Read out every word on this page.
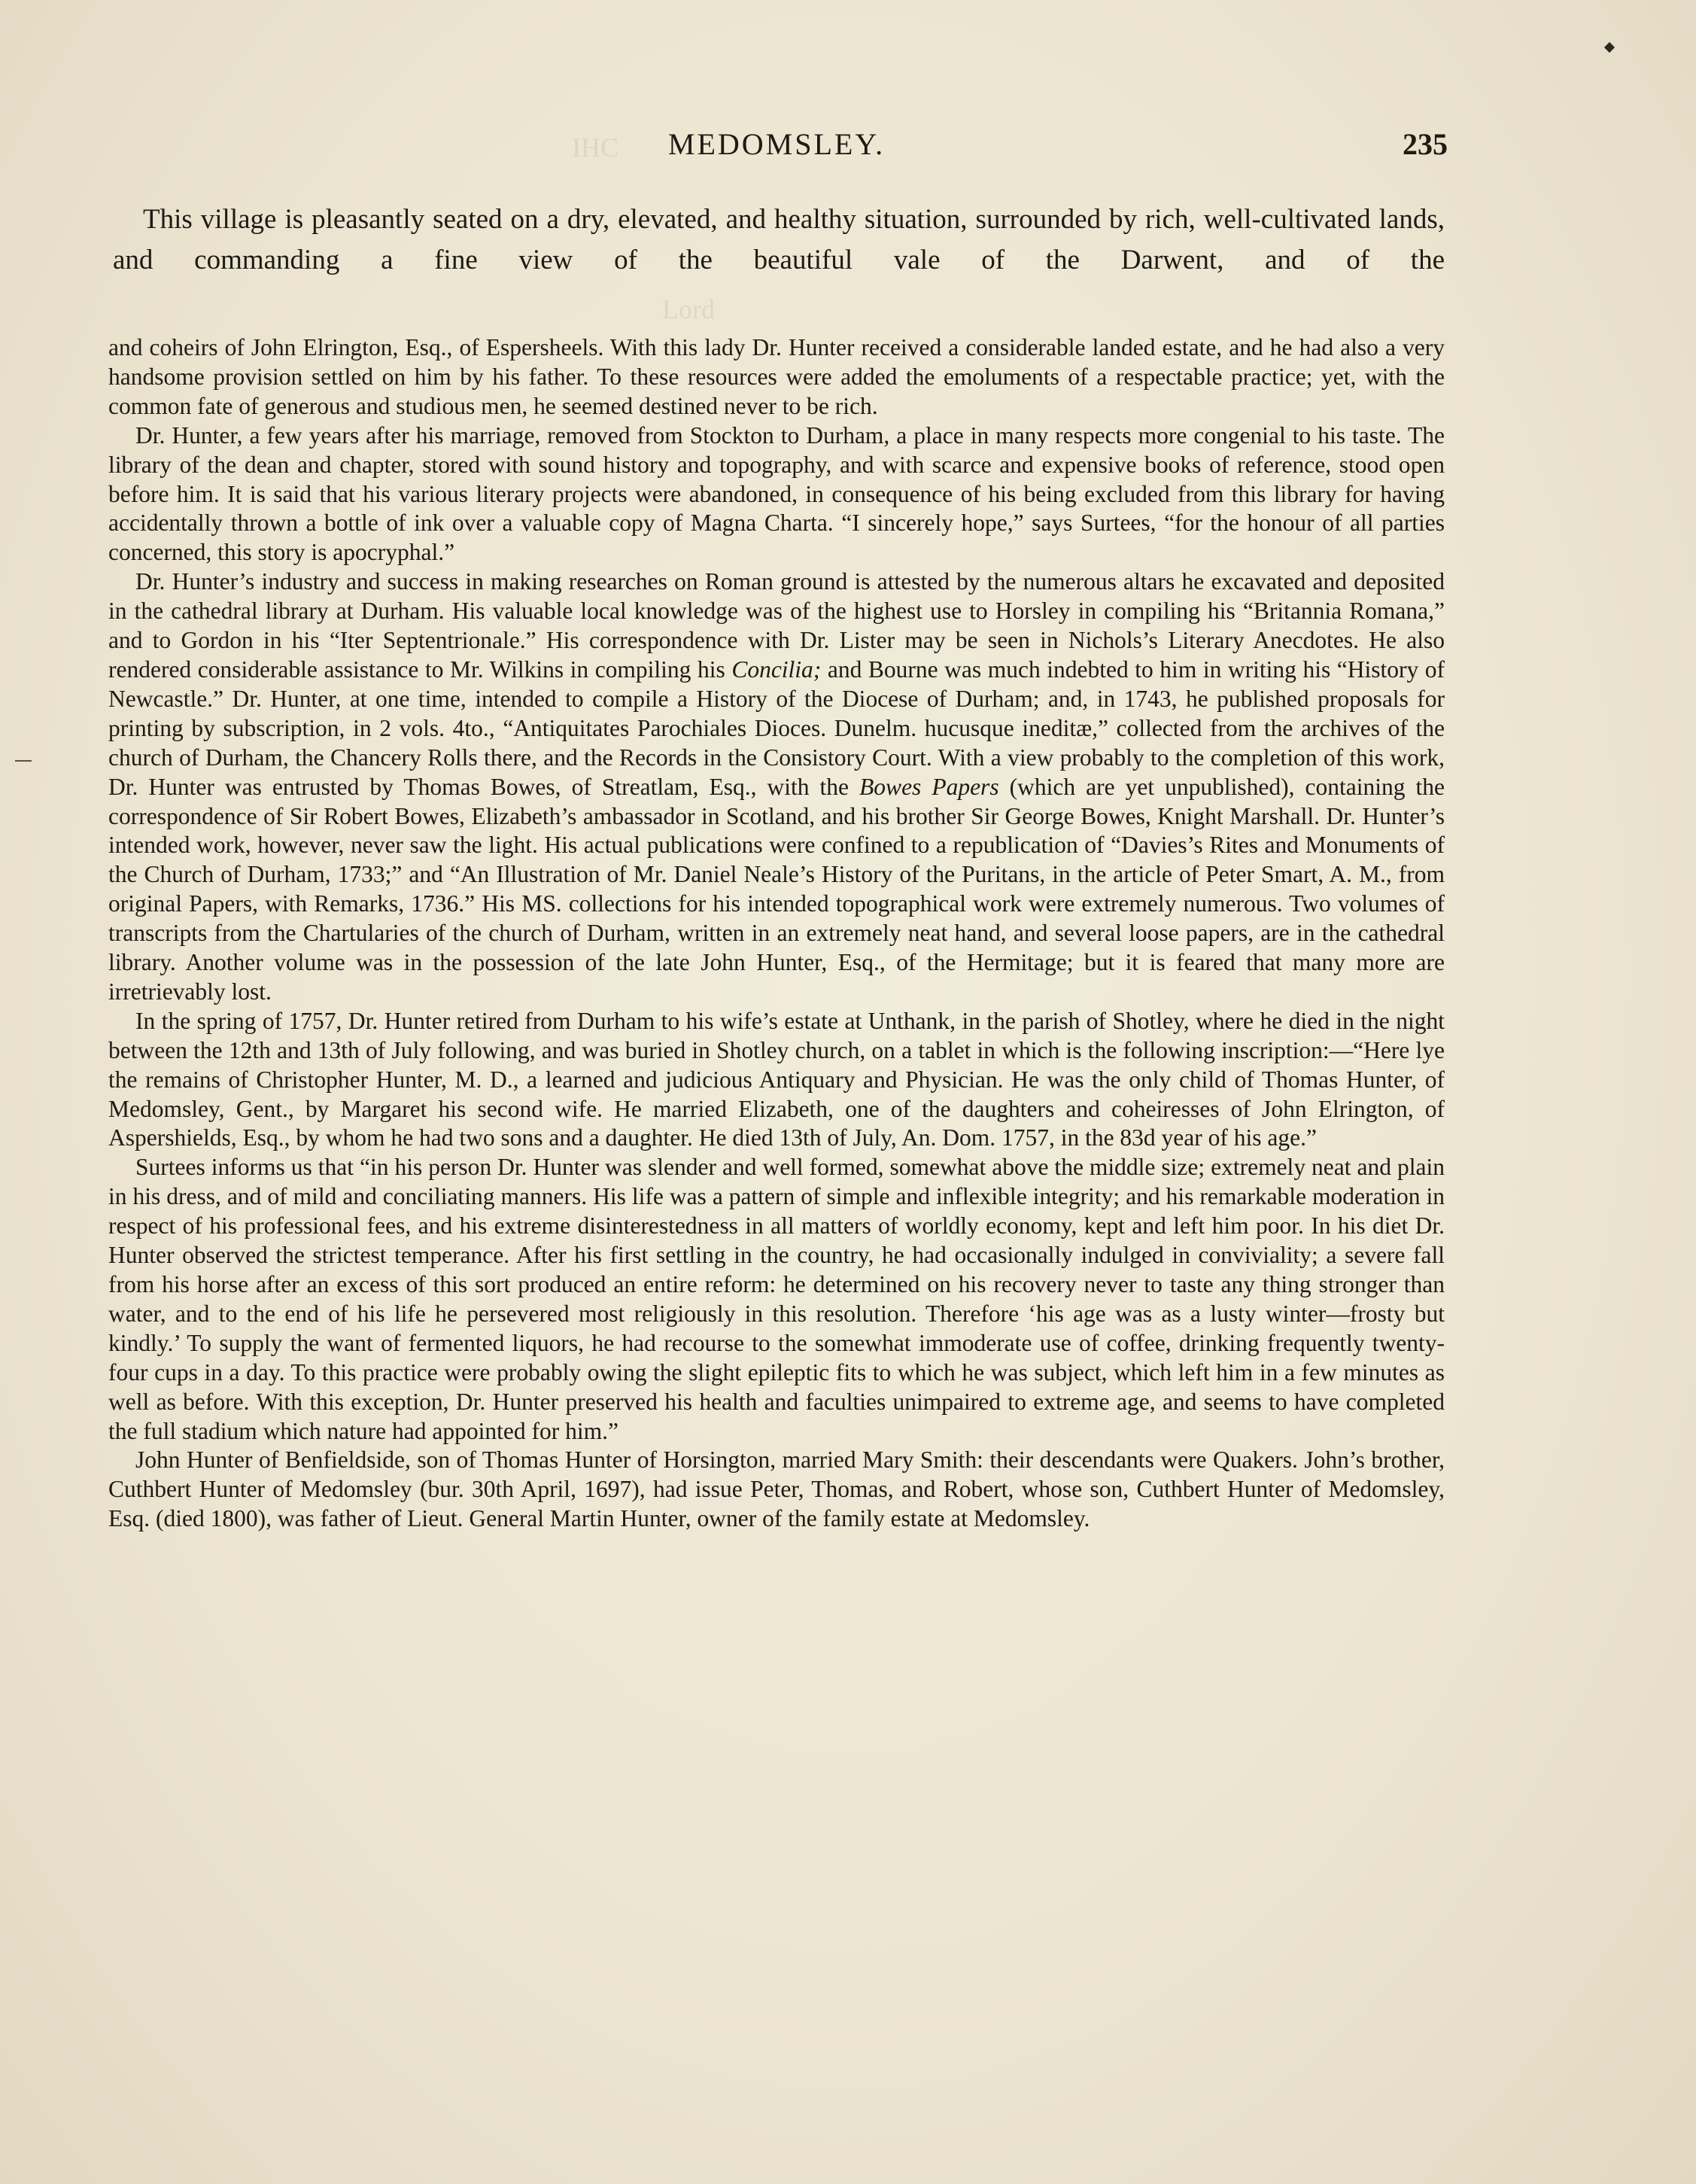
IHC
Lord
MEDOMSLEY.	235

This village is pleasantly seated on a dry, elevated, and healthy situation, surrounded by rich, well-cultivated lands, and commanding a fine view of the beautiful vale of the Darwent, and of the

and coheirs of John Elrington, Esq., of Espersheels. With this lady Dr. Hunter received a considerable landed estate, and he had also a very handsome provision settled on him by his father. To these resources were added the emoluments of a respectable practice; yet, with the common fate of generous and studious men, he seemed destined never to be rich.

Dr. Hunter, a few years after his marriage, removed from Stockton to Durham, a place in many respects more congenial to his taste. The library of the dean and chapter, stored with sound history and topography, and with scarce and expensive books of reference, stood open before him. It is said that his various literary projects were abandoned, in consequence of his being excluded from this library for having accidentally thrown a bottle of ink over a valuable copy of Magna Charta. “I sincerely hope,” says Surtees, “for the honour of all parties concerned, this story is apocryphal.”

Dr. Hunter’s industry and success in making researches on Roman ground is attested by the numerous altars he excavated and deposited in the cathedral library at Durham. His valuable local knowledge was of the highest use to Horsley in compiling his “Britannia Romana,” and to Gordon in his “Iter Septentrionale.” His correspondence with Dr. Lister may be seen in Nichols’s Literary Anecdotes. He also rendered considerable assistance to Mr. Wilkins in compiling his Concilia; and Bourne was much indebted to him in writing his “History of Newcastle.” Dr. Hunter, at one time, intended to compile a History of the Diocese of Durham; and, in 1743, he published proposals for printing by subscription, in 2 vols. 4to., “Antiquitates Parochiales Dioces. Dunelm. hucusque ineditæ,” collected from the archives of the church of Durham, the Chancery Rolls there, and the Records in the Consistory Court. With a view probably to the completion of this work, Dr. Hunter was entrusted by Thomas Bowes, of Streatlam, Esq., with the Bowes Papers (which are yet unpublished), containing the correspondence of Sir Robert Bowes, Elizabeth’s ambassador in Scotland, and his brother Sir George Bowes, Knight Marshall. Dr. Hunter’s intended work, however, never saw the light. His actual publications were confined to a republication of “Davies’s Rites and Monuments of the Church of Durham, 1733;” and “An Illustration of Mr. Daniel Neale’s History of the Puritans, in the article of Peter Smart, A. M., from original Papers, with Remarks, 1736.” His MS. collections for his intended topographical work were extremely numerous. Two volumes of transcripts from the Chartularies of the church of Durham, written in an extremely neat hand, and several loose papers, are in the cathedral library. Another volume was in the possession of the late John Hunter, Esq., of the Hermitage; but it is feared that many more are irretrievably lost.

In the spring of 1757, Dr. Hunter retired from Durham to his wife’s estate at Unthank, in the parish of Shotley, where he died in the night between the 12th and 13th of July following, and was buried in Shotley church, on a tablet in which is the following inscription:—“Here lye the remains of Christopher Hunter, M. D., a learned and judicious Antiquary and Physician. He was the only child of Thomas Hunter, of Medomsley, Gent., by Margaret his second wife. He married Elizabeth, one of the daughters and coheiresses of John Elrington, of Aspershields, Esq., by whom he had two sons and a daughter. He died 13th of July, An. Dom. 1757, in the 83d year of his age.”

Surtees informs us that “in his person Dr. Hunter was slender and well formed, somewhat above the middle size; extremely neat and plain in his dress, and of mild and conciliating manners. His life was a pattern of simple and inflexible integrity; and his remarkable moderation in respect of his professional fees, and his extreme disinterestedness in all matters of worldly economy, kept and left him poor. In his diet Dr. Hunter observed the strictest temperance. After his first settling in the country, he had occasionally indulged in conviviality; a severe fall from his horse after an excess of this sort produced an entire reform: he determined on his recovery never to taste any thing stronger than water, and to the end of his life he persevered most religiously in this resolution. Therefore ‘his age was as a lusty winter—frosty but kindly.’ To supply the want of fermented liquors, he had recourse to the somewhat immoderate use of coffee, drinking frequently twenty-four cups in a day. To this practice were probably owing the slight epileptic fits to which he was subject, which left him in a few minutes as well as before. With this exception, Dr. Hunter preserved his health and faculties unimpaired to extreme age, and seems to have completed the full stadium which nature had appointed for him.”

John Hunter of Benfieldside, son of Thomas Hunter of Horsington, married Mary Smith: their descendants were Quakers. John’s brother, Cuthbert Hunter of Medomsley (bur. 30th April, 1697), had issue Peter, Thomas, and Robert, whose son, Cuthbert Hunter of Medomsley, Esq. (died 1800), was father of Lieut. General Martin Hunter, owner of the family estate at Medomsley.
